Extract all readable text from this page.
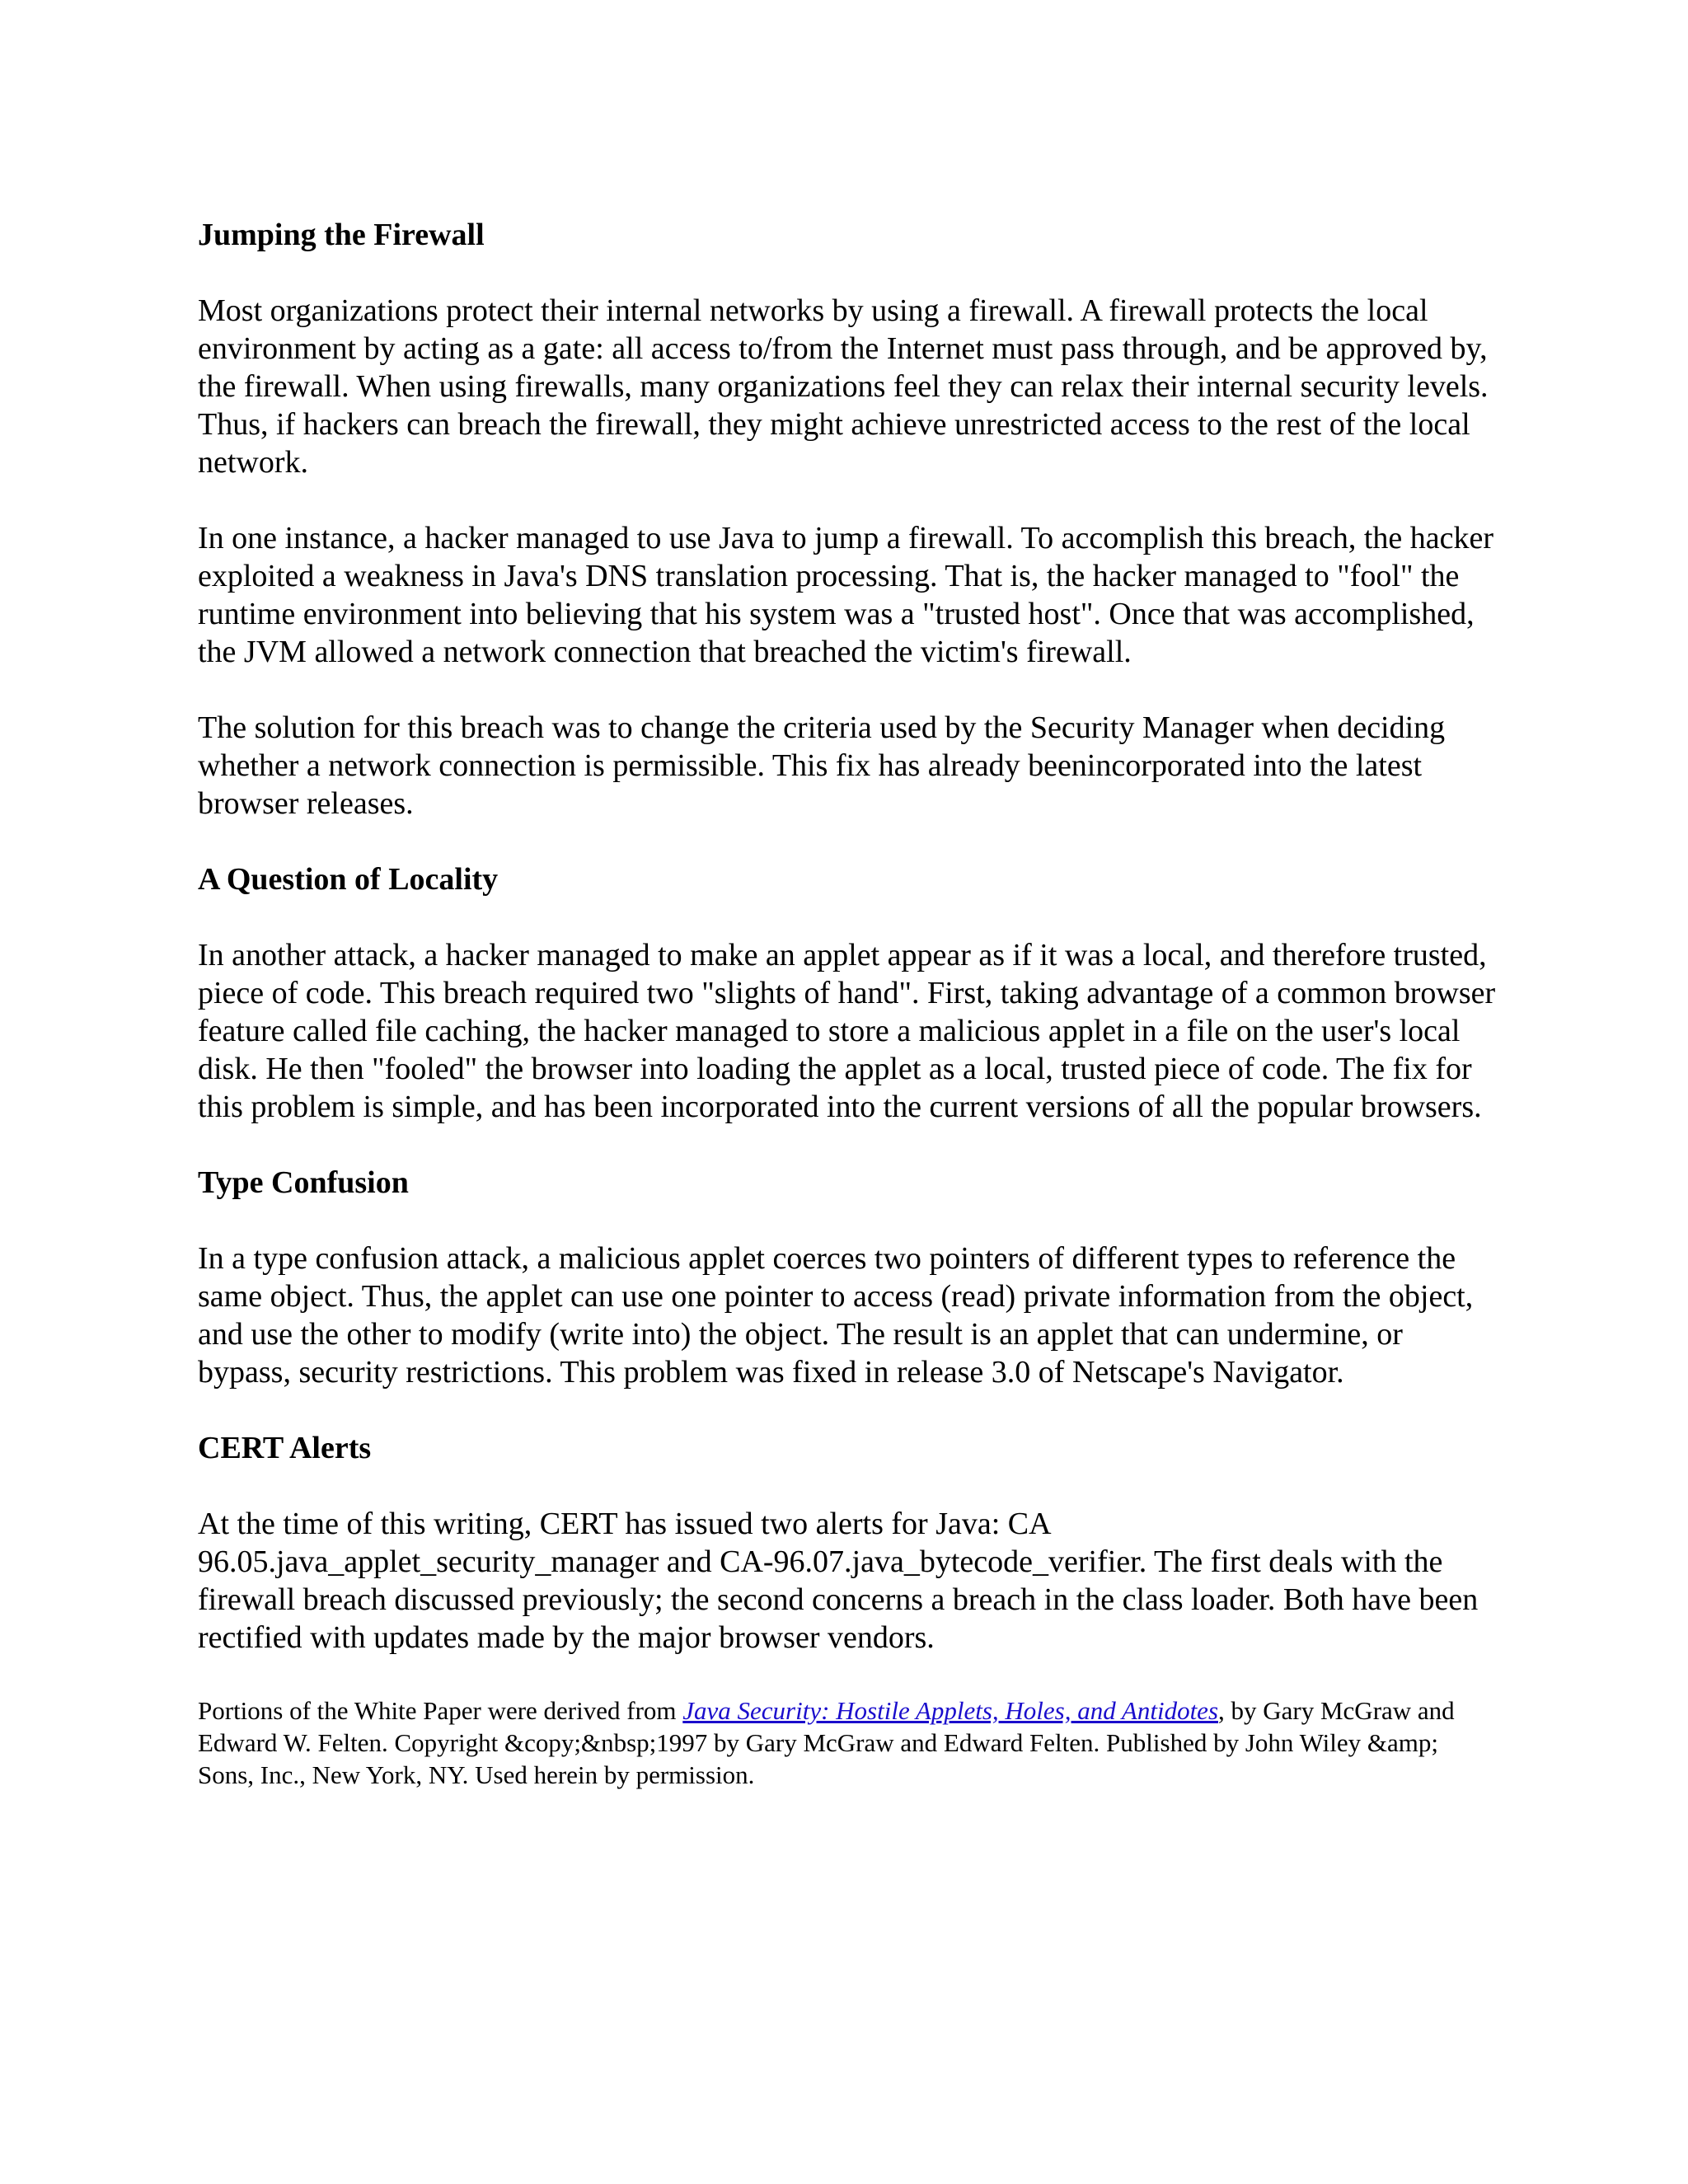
Jumping the Firewall

Most organizations protect their internal networks by using a firewall. A firewall protects the local environment by acting as a gate: all access to/from the Internet must pass through, and be approved by, the firewall. When using firewalls, many organizations feel they can relax their internal security levels. Thus, if hackers can breach the firewall, they might achieve unrestricted access to the rest of the local network.

In one instance, a hacker managed to use Java to jump a firewall. To accomplish this breach, the hacker exploited a weakness in Java's DNS translation processing. That is, the hacker managed to "fool" the runtime environment into believing that his system was a "trusted host". Once that was accomplished, the JVM allowed a network connection that breached the victim's firewall.

The solution for this breach was to change the criteria used by the Security Manager when deciding whether a network connection is permissible. This fix has already beenincorporated into the latest browser releases.

A Question of Locality

In another attack, a hacker managed to make an applet appear as if it was a local, and therefore trusted, piece of code. This breach required two "slights of hand". First, taking advantage of a common browser feature called file caching, the hacker managed to store a malicious applet in a file on the user's local disk. He then "fooled" the browser into loading the applet as a local, trusted piece of code. The fix for this problem is simple, and has been incorporated into the current versions of all the popular browsers.

Type Confusion

In a type confusion attack, a malicious applet coerces two pointers of different types to reference the same object. Thus, the applet can use one pointer to access (read) private information from the object, and use the other to modify (write into) the object. The result is an applet that can undermine, or bypass, security restrictions. This problem was fixed in release 3.0 of Netscape's Navigator.

CERT Alerts

At the time of this writing, CERT has issued two alerts for Java: CA 96.05.java_applet_security_manager and CA-96.07.java_bytecode_verifier. The first deals with the firewall breach discussed previously; the second concerns a breach in the class loader. Both have been rectified with updates made by the major browser vendors.

Portions of the White Paper were derived from Java Security: Hostile Applets, Holes, and Antidotes, by Gary McGraw and Edward W. Felten. Copyright &copy;&nbsp;1997 by Gary McGraw and Edward Felten. Published by John Wiley &amp; Sons, Inc., New York, NY. Used herein by permission.
